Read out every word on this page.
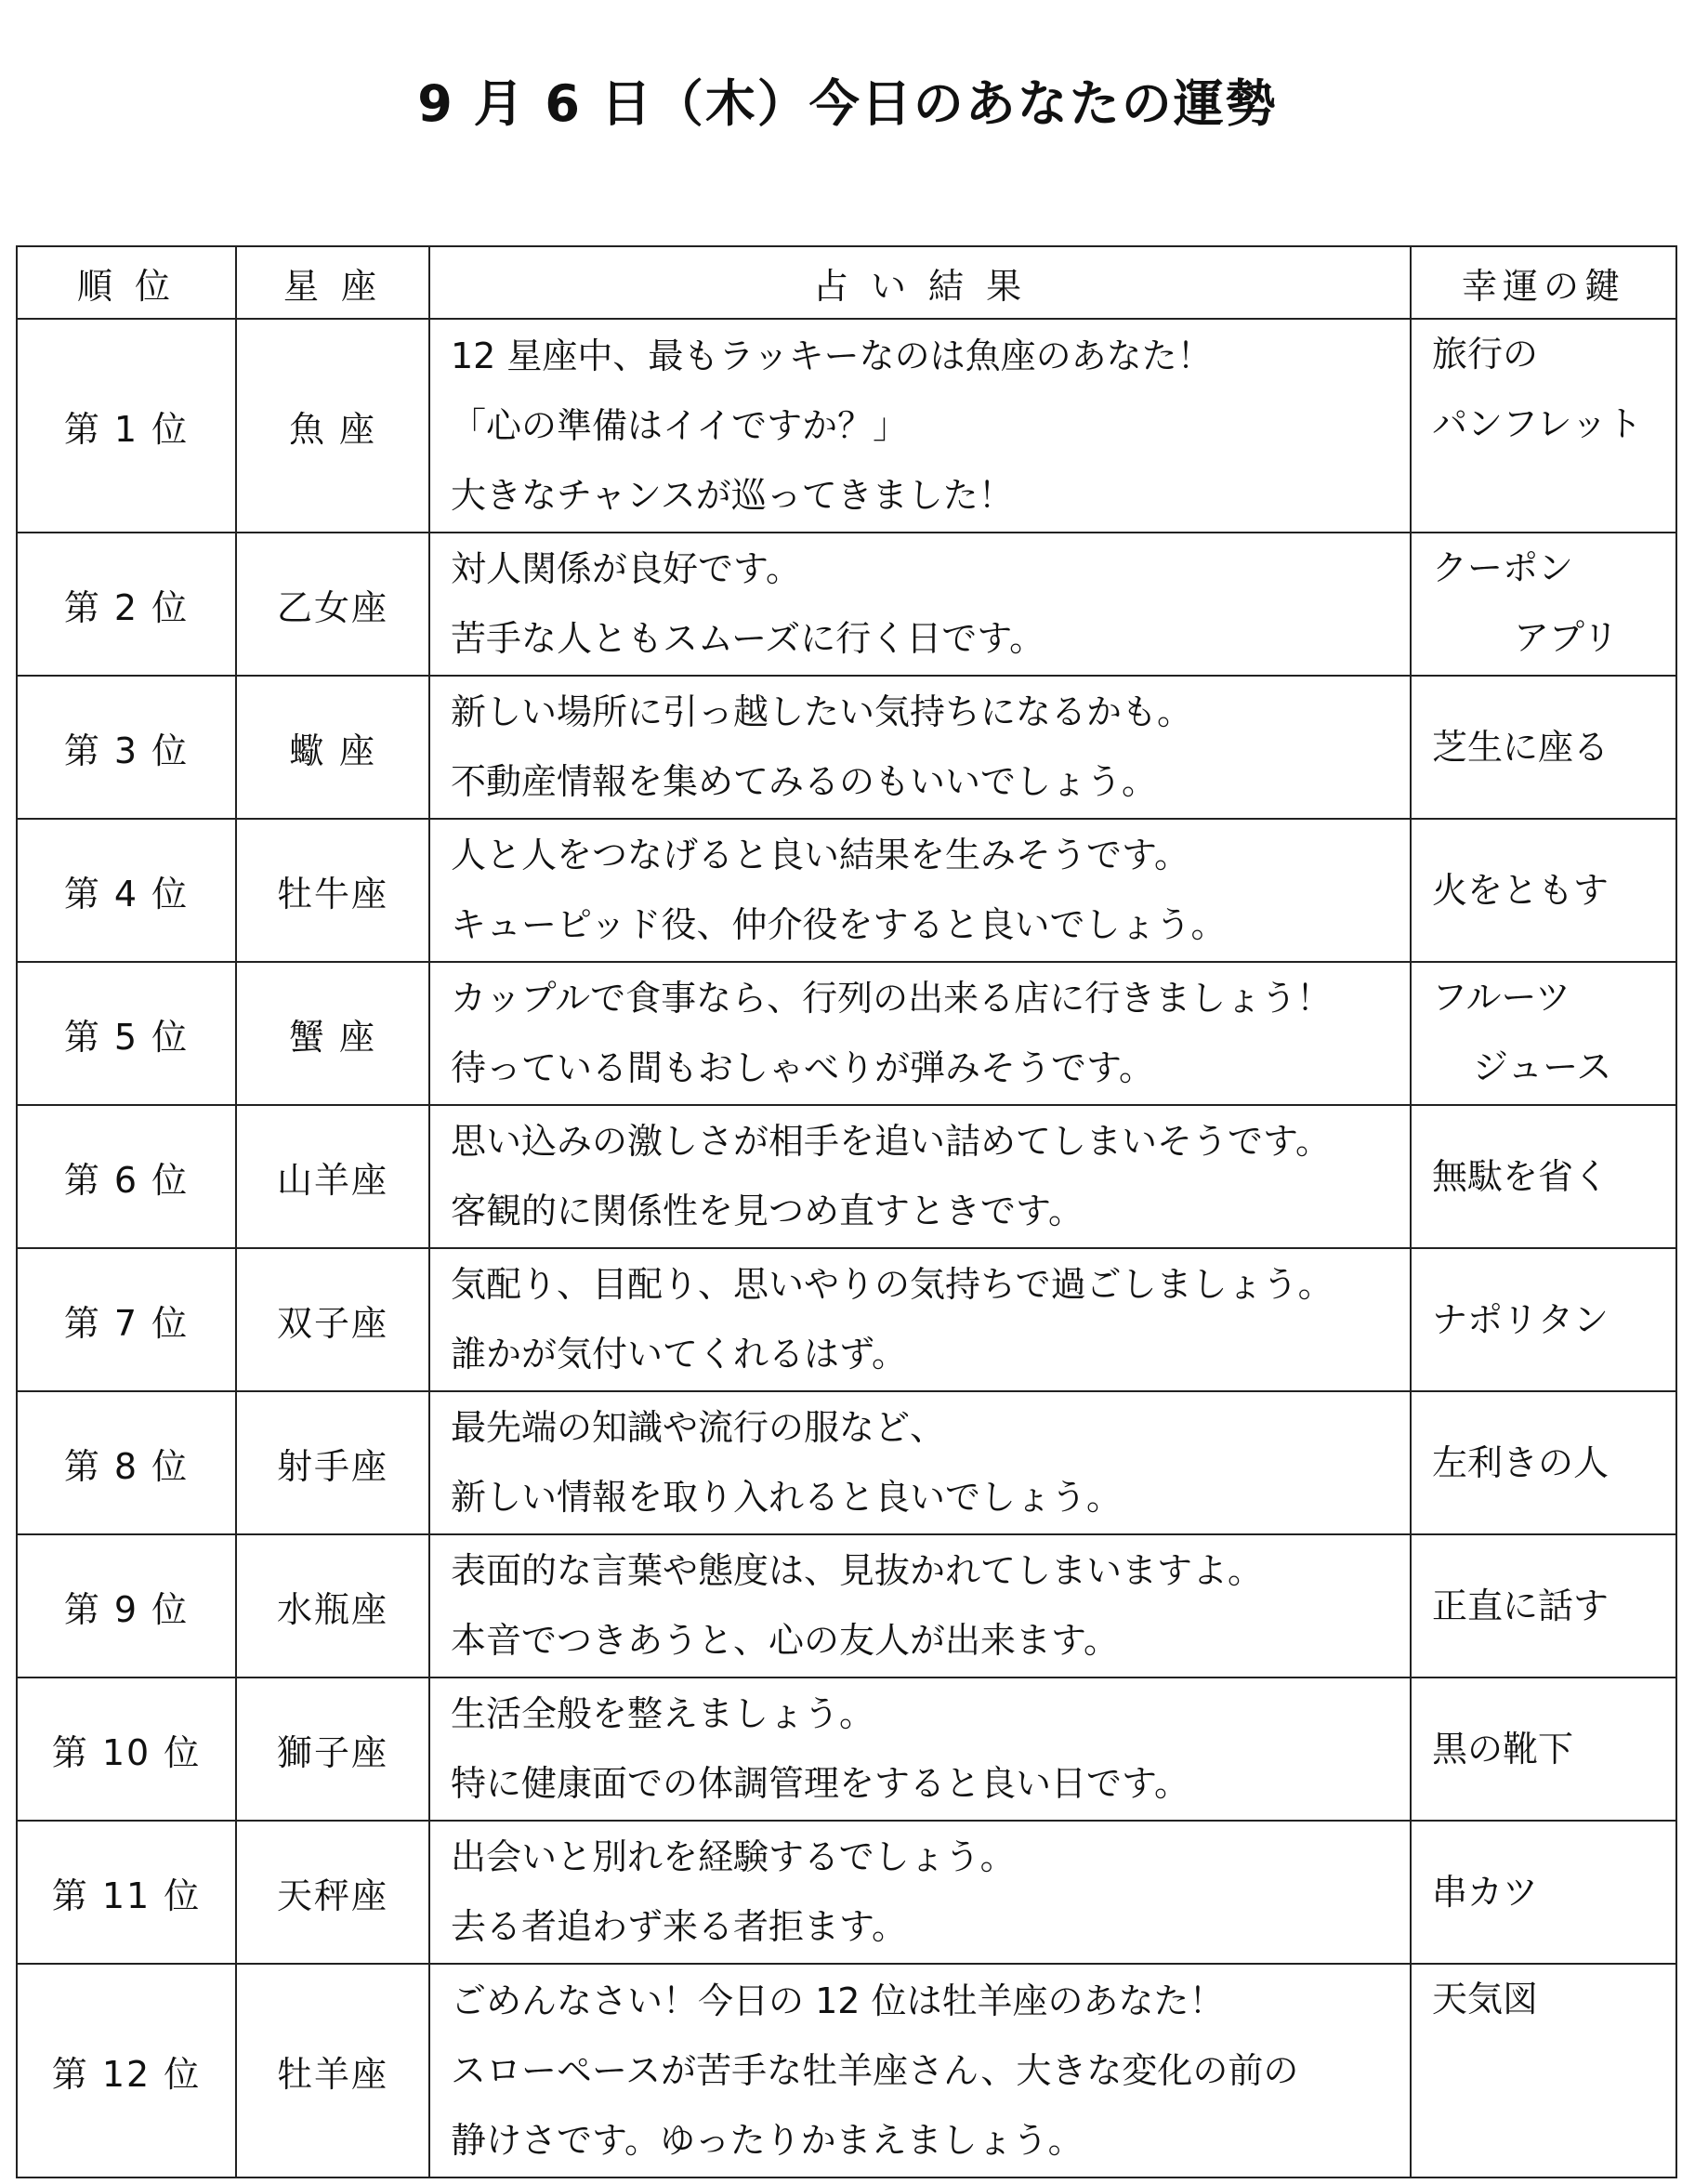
9 月 6 日（木）今日のあなたの運勢
順 位	星 座	占 い 結 果	幸運の鍵
第 1 位	魚 座	12 星座中、最もラッキーなのは魚座のあなた！
「心の準備はイイですか？」
大きなチャンスが巡ってきました！	旅行の
パンフレット

第 2 位	乙女座	対人関係が良好です。
苦手な人ともスムーズに行く日です。	クーポン
アプリ

第 3 位	蠍 座	新しい場所に引っ越したい気持ちになるかも。
不動産情報を集めてみるのもいいでしょう。	芝生に座る

第 4 位	牡牛座	人と人をつなげると良い結果を生みそうです。
キューピッド役、仲介役をすると良いでしょう。	火をともす

第 5 位	蟹 座	カップルで食事なら、行列の出来る店に行きましょう！
待っている間もおしゃべりが弾みそうです。	フルーツ
ジュース

第 6 位	山羊座	思い込みの激しさが相手を追い詰めてしまいそうです。
客観的に関係性を見つめ直すときです。	無駄を省く

第 7 位	双子座	気配り、目配り、思いやりの気持ちで過ごしましょう。
誰かが気付いてくれるはず。	ナポリタン

第 8 位	射手座	最先端の知識や流行の服など、
新しい情報を取り入れると良いでしょう。	左利きの人

第 9 位	水瓶座	表面的な言葉や態度は、見抜かれてしまいますよ。
本音でつきあうと、心の友人が出来ます。	正直に話す

第 10 位	獅子座	生活全般を整えましょう。
特に健康面での体調管理をすると良い日です。	黒の靴下

第 11 位	天秤座	出会いと別れを経験するでしょう。
去る者追わず来る者拒ます。	串カツ

第 12 位	牡羊座	ごめんなさい！今日の 12 位は牡羊座のあなた！
スローペースが苦手な牡羊座さん、大きな変化の前の
静けさです。ゆったりかまえましょう。	天気図
